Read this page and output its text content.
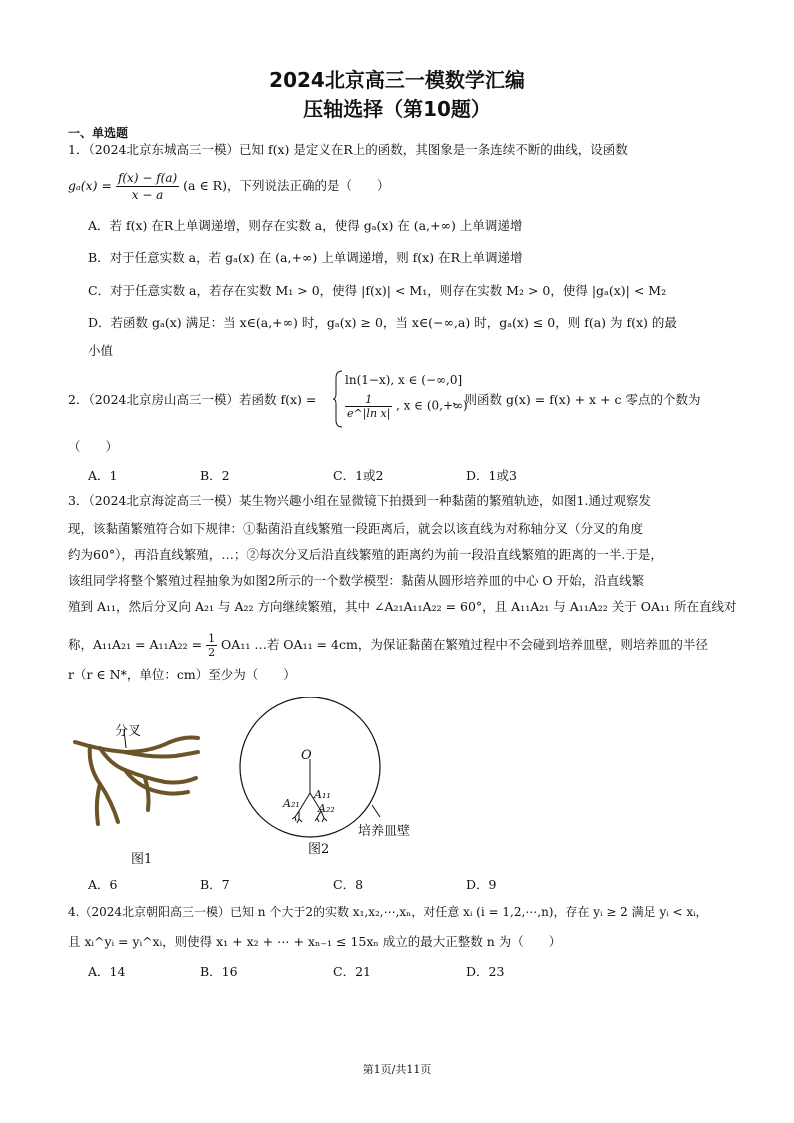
2024北京高三一模数学汇编
压轴选择（第10题）
一、单选题
1．（2024北京东城高三一模）已知 f(x) 是定义在R上的函数，其图象是一条连续不断的曲线，设函数
$g_a(x) = \frac{f(x) - f(a)}{x - a} (a$ ∈ R)，下列说法正确的是（　　）
A．若 f(x) 在R上单调递增，则存在实数 a，使得 gₐ(x) 在 (a,+∞) 上单调递增
B．对于任意实数 a，若 gₐ(x) 在 (a,+∞) 上单调递增，则 f(x) 在R上单调递增
C．对于任意实数 a，若存在实数 M₁ > 0，使得 |f(x)| < M₁，则存在实数 M₂ > 0，使得 |gₐ(x)| < M₂
D．若函数 gₐ(x) 满足：当 x∈(a,+∞) 时，gₐ(x) ≥ 0，当 x∈(−∞,a) 时，gₐ(x) ≤ 0，则 f(a) 为 f(x) 的最
小值
2．（2024北京房山高三一模）若函数 f(x) =
ln(1−x), x ∈ (−∞,0]
$\frac{1}{\text{e\textasciicircum{}|ln x|}}$ , x ∈ (0,+∞)
，则函数 g(x) = f(x) + x + c 零点的个数为
（　　）
A．1	B．2	C．1或2	D．1或3
3．（2024北京海淀高三一模）某生物兴趣小组在显微镜下拍摄到一种黏菌的繁殖轨迹，如图1.通过观察发
现，该黏菌繁殖符合如下规律：①黏菌沿直线繁殖一段距离后，就会以该直线为对称轴分叉（分叉的角度
约为60°），再沿直线繁殖，…；②每次分叉后沿直线繁殖的距离约为前一段沿直线繁殖的距离的一半.于是，
该组同学将整个繁殖过程抽象为如图2所示的一个数学模型：黏菌从圆形培养皿的中心 O 开始，沿直线繁
殖到 A₁₁，然后分叉向 A₂₁ 与 A₂₂ 方向继续繁殖，其中 ∠A₂₁A₁₁A₂₂ = 60°，且 A₁₁A₂₁ 与 A₁₁A₂₂ 关于 OA₁₁ 所在直线对
称，$A_{11}A_{21} = A_{11}A_{22} = \frac{1}{2} OA_{11}$ …若 OA₁₁ = 4cm，为保证黏菌在繁殖过程中不会碰到培养皿壁，则培养皿的半径
r（r ∈ N*，单位：cm）至少为（　　）
分叉
图1
O
A₁₁
A₂₁ A₂₂
培养皿壁
图2
A．6	B．7	C．8	D．9
4.（2024北京朝阳高三一模）已知 n 个大于2的实数 x₁,x₂,⋯,xₙ，对任意 xᵢ (i = 1,2,⋯,n)，存在 yᵢ ≥ 2 满足 yᵢ < xᵢ，
且 xᵢ^yᵢ = yᵢ^xᵢ，则使得 x₁ + x₂ + ⋯ + xₙ₋₁ ≤ 15xₙ 成立的最大正整数 n 为（　　）
A．14	B．16	C．21	D．23
第1页/共11页
